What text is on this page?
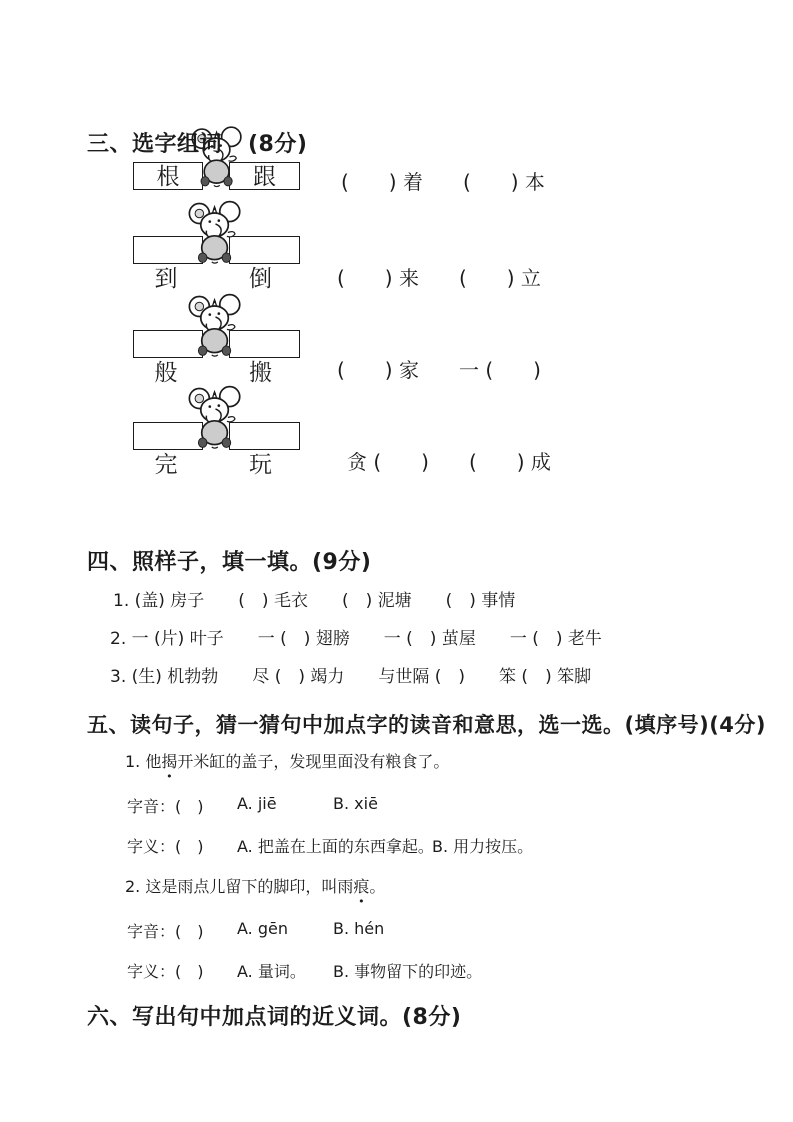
三、选字组词 (8分)
根	跟	(　　) 着　　(　　) 本
到	倒	(　　) 来　　(　　) 立
般	搬	(　　) 家　　一 (　　)
完	玩	贪 (　　)　　(　　) 成
四、照样子，填一填。(9分)
1. (盖) 房子　　(　) 毛衣　　(　) 泥塘　　(　) 事情
2. 一 (片) 叶子　　一 (　) 翅膀　　一 (　) 茧屋　　一 (　) 老牛
3. (生) 机勃勃　　尽 (　) 竭力　　与世隔 (　)　　笨 (　) 笨脚
五、读句子，猜一猜句中加点字的读音和意思，选一选。(填序号)(4分)
1. 他揭开米缸的盖子，发现里面没有粮食了。
字音：(　) A. jiē	B. xiē
字义：(　) A. 把盖在上面的东西拿起。
B. 用力按压。
2. 这是雨点儿留下的脚印，叫雨痕。
字音：(　) A. gēn	B. hén
字义：(　) A. 量词。 B. 事物留下的印迹。
六、写出句中加点词的近义词。(8分)
